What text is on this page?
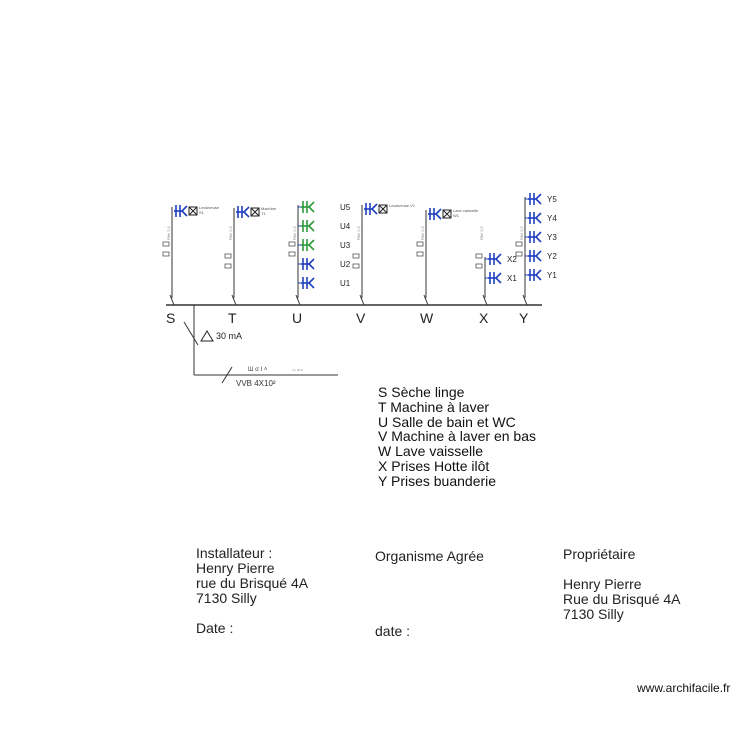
S
Rfel 2,5
Lessiveuse
S1
T
Rfel 2,5
Machine
T1
U
Rfel 2,5
U5
U4
U3
U2
U1
V
Rfel 2,5
Lessiveuse V1
W
Rfel 2,5
Lave vaisselle
W1
X
Rfel 2,5
X2
X1
Y
Rfel 2,5
Y5
Y4
Y3
Y2
Y1
30 mA
VVB 4X10²
Ш σ I ˄	4 x 40 A
S Sèche linge
T Machine à laver
U Salle de bain et WC
V Machine à laver en bas
W Lave vaisselle
X Prises Hotte ilôt
Y Prises buanderie
Installateur :
Henry Pierre
rue du Brisqué 4A
7130 Silly
Date :
Organisme Agrée
date :
Propriétaire
Henry Pierre
Rue du Brisqué 4A
7130 Silly
www.archifacile.fr
